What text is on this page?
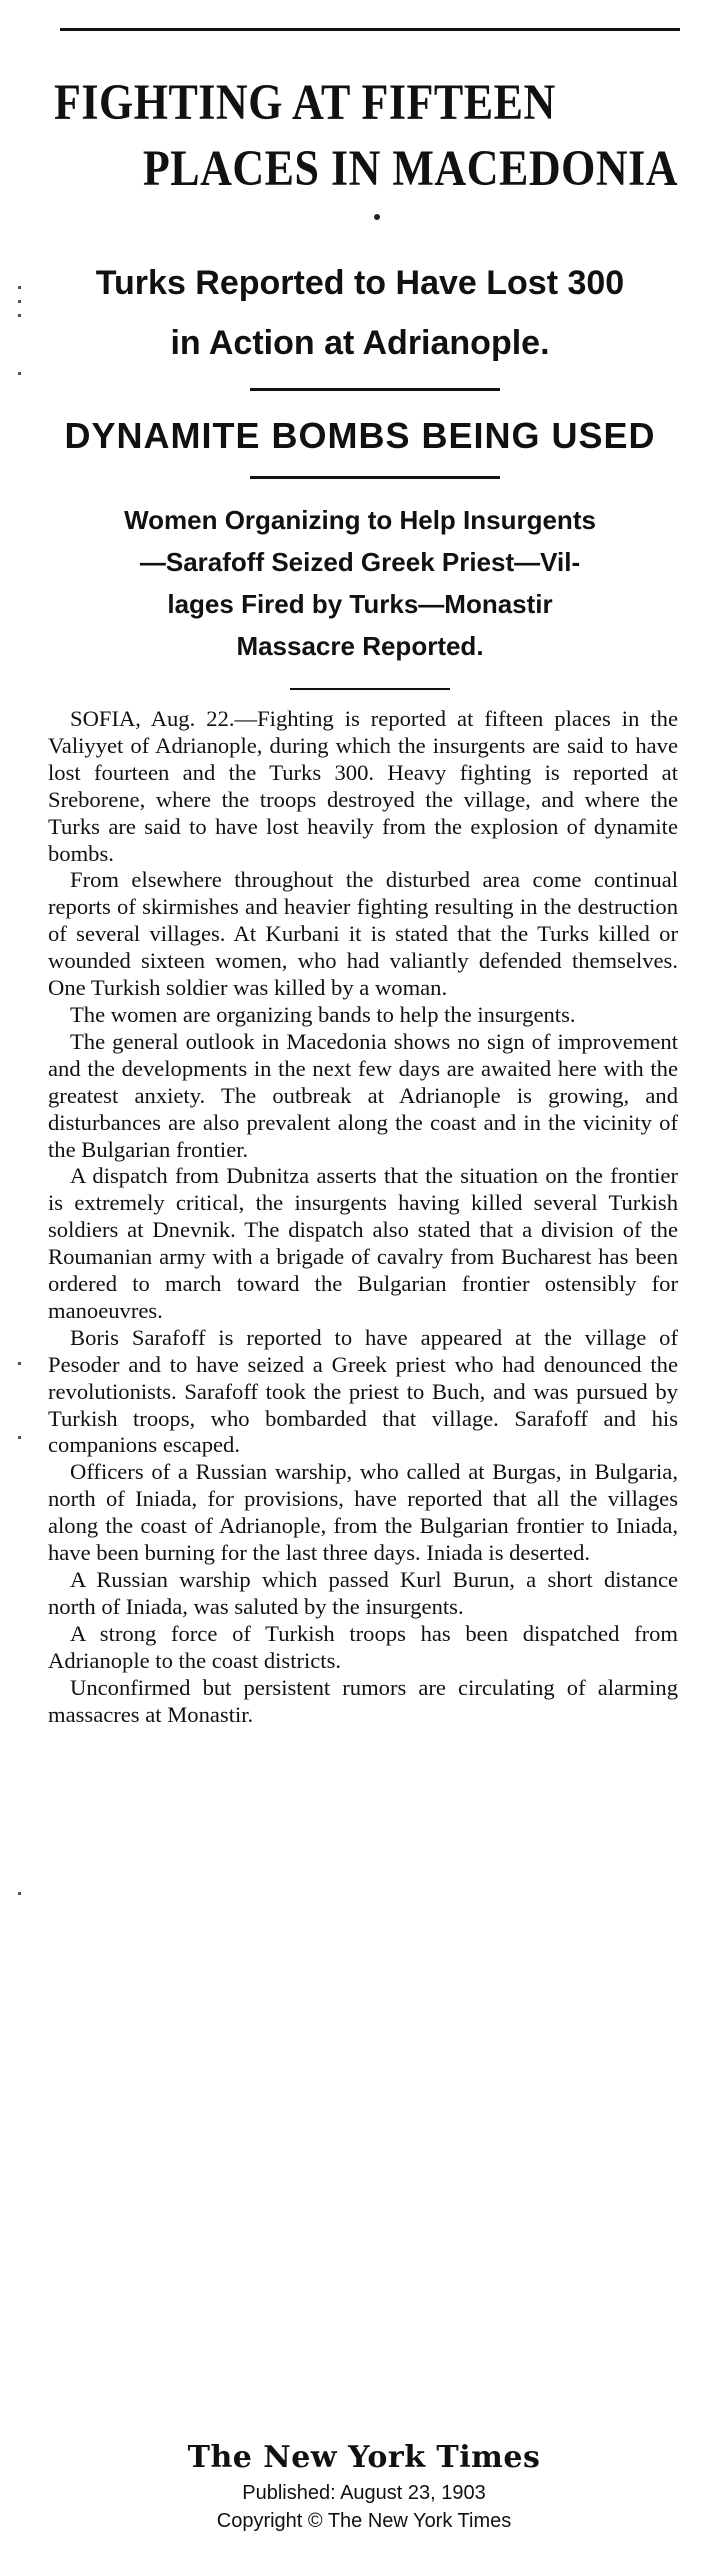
FIGHTING AT FIFTEEN
PLACES IN MACEDONIA
Turks Reported to Have Lost 300
in Action at Adrianople.
DYNAMITE BOMBS BEING USED
Women Organizing to Help Insurgents
—Sarafoff Seized Greek Priest—Vil-
lages Fired by Turks—Monastir
Massacre Reported.

SOFIA, Aug. 22.—Fighting is reported at fifteen places in the Valiyyet of Adrianople, during which the insurgents are said to have lost fourteen and the Turks 300. Heavy fighting is reported at Sreborene, where the troops destroyed the village, and where the Turks are said to have lost heavily from the explosion of dynamite bombs.

From elsewhere throughout the disturbed area come continual reports of skirmishes and heavier fighting resulting in the destruction of several villages. At Kurbani it is stated that the Turks killed or wounded sixteen women, who had valiantly defended themselves. One Turkish soldier was killed by a woman.

The women are organizing bands to help the insurgents.

The general outlook in Macedonia shows no sign of improvement and the developments in the next few days are awaited here with the greatest anxiety. The outbreak at Adrianople is growing, and disturbances are also prevalent along the coast and in the vicinity of the Bulgarian frontier.

A dispatch from Dubnitza asserts that the situation on the frontier is extremely critical, the insurgents having killed several Turkish soldiers at Dnevnik. The dispatch also stated that a division of the Roumanian army with a brigade of cavalry from Bucharest has been ordered to march toward the Bulgarian frontier ostensibly for manoeuvres.

Boris Sarafoff is reported to have appeared at the village of Pesoder and to have seized a Greek priest who had denounced the revolutionists. Sarafoff took the priest to Buch, and was pursued by Turkish troops, who bombarded that village. Sarafoff and his companions escaped.

Officers of a Russian warship, who called at Burgas, in Bulgaria, north of Iniada, for provisions, have reported that all the villages along the coast of Adrianople, from the Bulgarian frontier to Iniada, have been burning for the last three days. Iniada is deserted.

A Russian warship which passed Kurl Burun, a short distance north of Iniada, was saluted by the insurgents.

A strong force of Turkish troops has been dispatched from Adrianople to the coast districts.

Unconfirmed but persistent rumors are circulating of alarming massacres at Monastir.

The New York Times
Published: August 23, 1903
Copyright © The New York Times
